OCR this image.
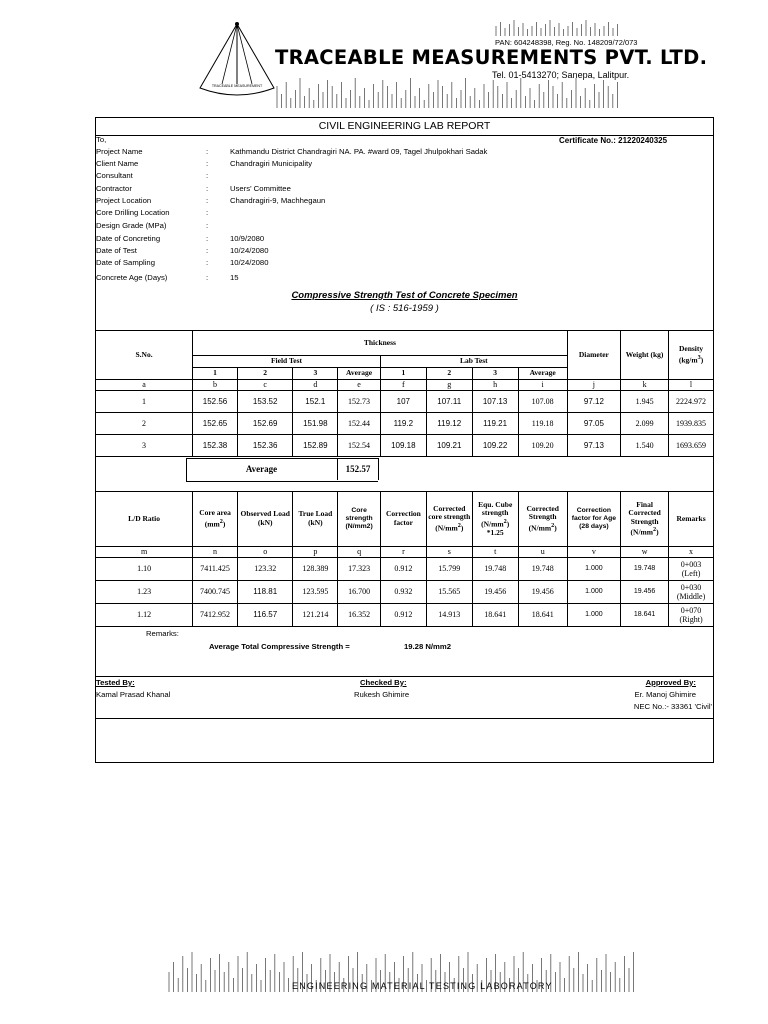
TRACEABLE MEASUREMENT
PAN: 604248398, Reg. No. 148209/72/073
TRACEABLE MEASUREMENTS PVT. LTD.
Tel. 01-5413270; Sanepa, Lalitpur.
CIVIL ENGINEERING LAB REPORT
Certificate No.: 21220240325
To,
Project Name	:	Kathmandu District Chandragiri NA. PA. #ward 09, Tagel Jhulpokhari Sadak
Client Name	:	Chandragiri Municipality
Consultant	:
Contractor	:	Users' Committee
Project Location	:	Chandragiri-9, Machhegaun
Core Drilling Location	:
Design Grade (MPa)	:
Date of Concreting	:	10/9/2080
Date of Test	:	10/24/2080
Date of Sampling	:	10/24/2080
Concrete Age (Days)	:	15
Compressive Strength Test of Concrete Specimen
( IS : 516-1959 )
S.No.	Thickness								Diameter	Weight (kg)	Density
$(kg/m^3)$
	Field Test				Lab Test						
	1	2	3	Average	1	2	3	Average			
a	b	c	d	e	f	g	h	i	j	k	l
1	152.56	153.52	152.1	152.73	107	107.11	107.13	107.08	97.12	1.945	2224.972
2	152.65	152.69	151.98	152.44	119.2	119.12	119.21	119.18	97.05	2.099	1939.835
3	152.38	152.36	152.89	152.54	109.18	109.21	109.22	109.20	97.13	1.540	1693.659
Average	152.57
L/D Ratio	Core area $(mm^2)$	Observed Load (kN)	True Load (kN)	Core strength (N/mm2)	Correction factor	Corrected core strength $(N/mm^2)$	Equ. Cube strength $(N/mm^2)$ *1.25	Corrected Strength $(N/mm^2)$	Correction factor for Age (28 days)	Final Corrected Strength $(N/mm^2)$	Remarks
m	n	o	p	q	r	s	t	u	v	w	x
1.10	7411.425	123.32	128.389	17.323	0.912	15.799	19.748	19.748	1.000	19.748	0+003
(Left)
1.23	7400.745	118.81	123.595	16.700	0.932	15.565	19.456	19.456	1.000	19.456	0+030
(Middle)
1.12	7412.952	116.57	121.214	16.352	0.912	14.913	18.641	18.641	1.000	18.641	0+070
(Right)
Remarks:
Average Total Compressive Strength =	19.28 N/mm2
Tested By:
Kamal Prasad Khanal
Checked By:
Rukesh Ghimire
Approved By:
Er. Manoj Ghimire
NEC No.:- 33361 'Civil'
ENGINEERING MATERIAL TESTING LABORATORY
